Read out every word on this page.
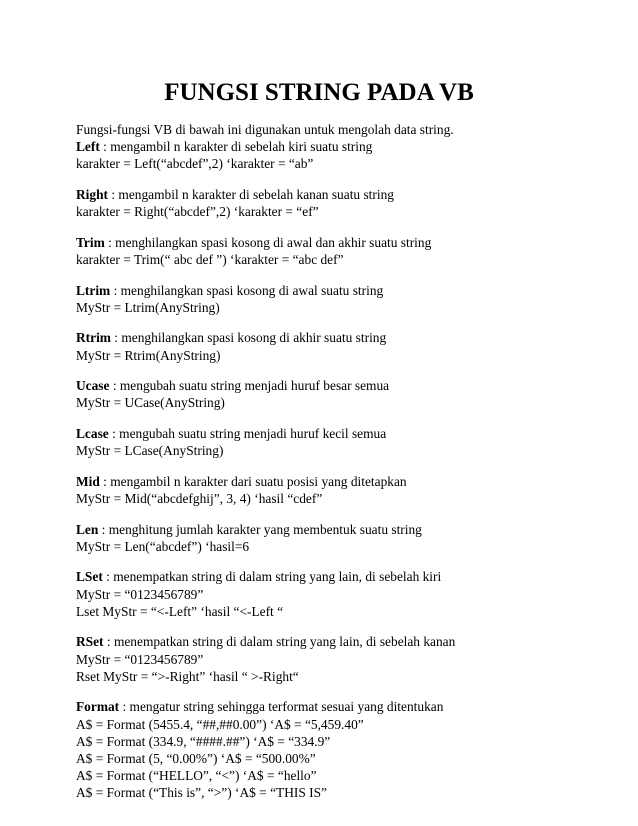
FUNGSI STRING PADA VB

Fungsi-fungsi VB di bawah ini digunakan untuk mengolah data string.

Left : mengambil n karakter di sebelah kiri suatu string

karakter = Left(“abcdef”,2) ‘karakter = “ab”

Right : mengambil n karakter di sebelah kanan suatu string

karakter = Right(“abcdef”,2) ‘karakter = “ef”

Trim : menghilangkan spasi kosong di awal dan akhir suatu string

karakter = Trim(“ abc def ”) ‘karakter = “abc def”

Ltrim : menghilangkan spasi kosong di awal suatu string

MyStr = Ltrim(AnyString)

Rtrim : menghilangkan spasi kosong di akhir suatu string

MyStr = Rtrim(AnyString)

Ucase : mengubah suatu string menjadi huruf besar semua

MyStr = UCase(AnyString)

Lcase : mengubah suatu string menjadi huruf kecil semua

MyStr = LCase(AnyString)

Mid : mengambil n karakter dari suatu posisi yang ditetapkan

MyStr = Mid(“abcdefghij”, 3, 4) ‘hasil “cdef”

Len : menghitung jumlah karakter yang membentuk suatu string

MyStr = Len(“abcdef”) ‘hasil=6

LSet : menempatkan string di dalam string yang lain, di sebelah kiri

MyStr = “0123456789”

Lset MyStr = “<-Left” ‘hasil “<-Left “

RSet : menempatkan string di dalam string yang lain, di sebelah kanan

MyStr = “0123456789”

Rset MyStr = “>-Right” ‘hasil “ >-Right“

Format : mengatur string sehingga terformat sesuai yang ditentukan

A$ = Format (5455.4, “##,##0.00”) ‘A$ = “5,459.40”

A$ = Format (334.9, “####.##”) ‘A$ = “334.9”

A$ = Format (5, “0.00%”) ‘A$ = “500.00%”

A$ = Format (“HELLO”, “<”) ‘A$ = “hello”

A$ = Format (“This is”, “>”) ‘A$ = “THIS IS”
